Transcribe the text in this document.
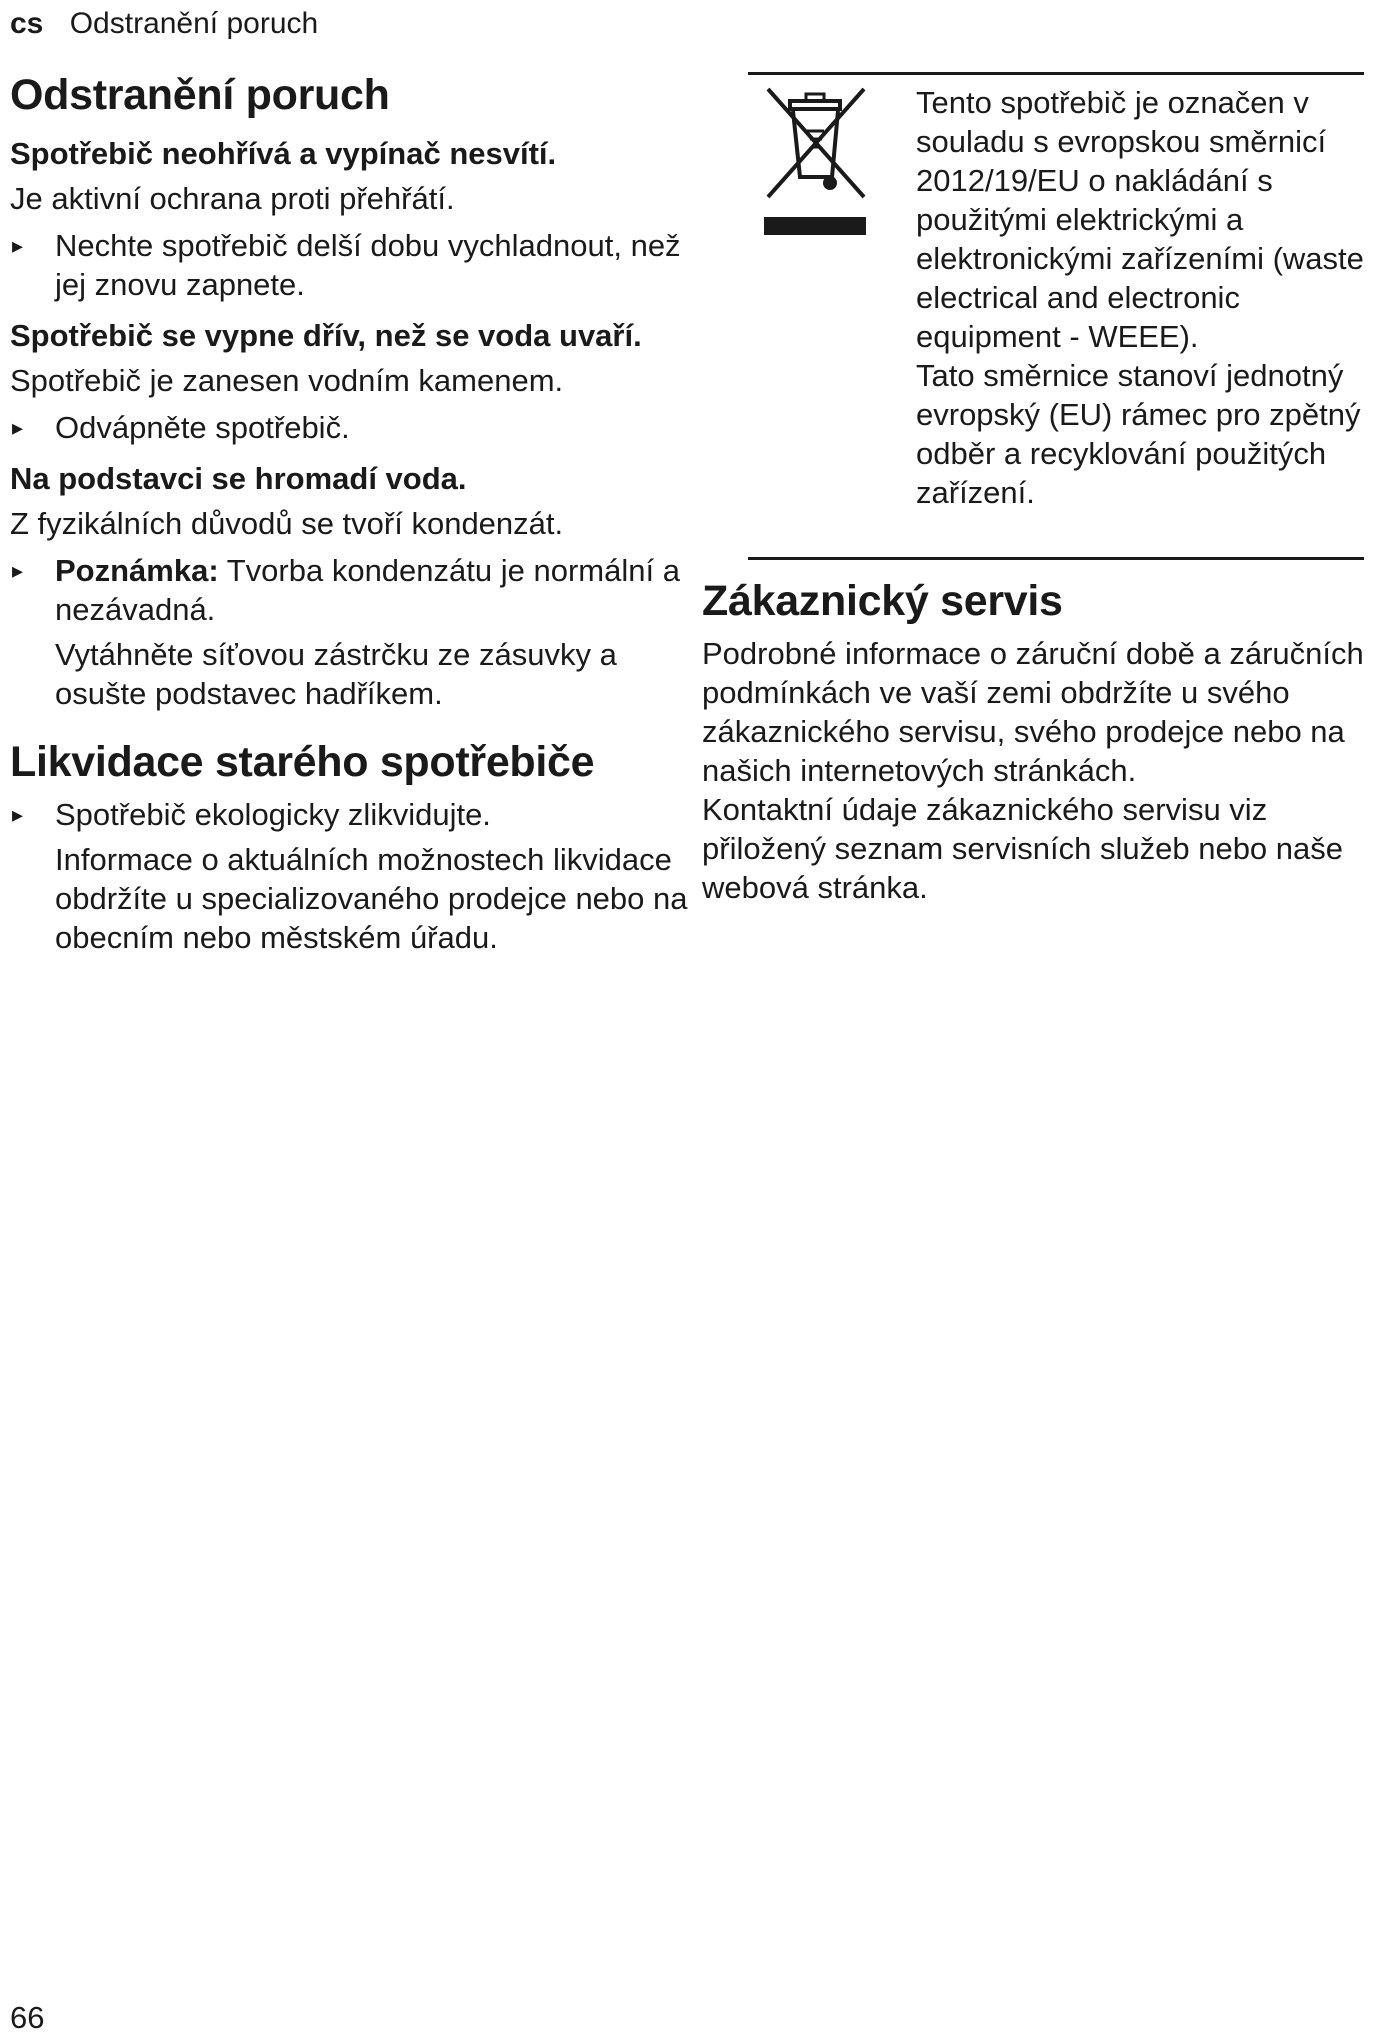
cs Odstranění poruch
Odstranění poruch
Spotřebič neohřívá a vypínač nesvítí.

Je aktivní ochrana proti přehřátí.

▸ Nechte spotřebič delší dobu vychladnout, než jej znovu zapnete.
Spotřebič se vypne dřív, než se voda uvaří.

Spotřebič je zanesen vodním kamenem.

▸ Odvápněte spotřebič.
Na podstavci se hromadí voda.

Z fyzikálních důvodů se tvoří kondenzát.

▸ Poznámka: Tvorba kondenzátu je normální a nezávadná.
Vytáhněte síťovou zástrčku ze zásuvky a osušte podstavec hadříkem.
Likvidace starého spotřebiče
▸ Spotřebič ekologicky zlikvidujte.
Informace o aktuálních možnostech likvidace obdržíte u specializovaného prodejce nebo na obecním nebo městském úřadu.

Tento spotřebič je označen v souladu s evropskou směrnicí 2012/19/EU o nakládání s použitými elektrickými a elektronickými zařízeními (waste electrical and electronic equipment - WEEE).

Tato směrnice stanoví jednotný evropský (EU) rámec pro zpětný odběr a recyklování použitých zařízení.

Zákaznický servis

Podrobné informace o záruční době a záručních podmínkách ve vaší zemi obdržíte u svého zákaznického servisu, svého prodejce nebo na našich internetových stránkách.

Kontaktní údaje zákaznického servisu viz přiložený seznam servisních služeb nebo naše webová stránka.

66
